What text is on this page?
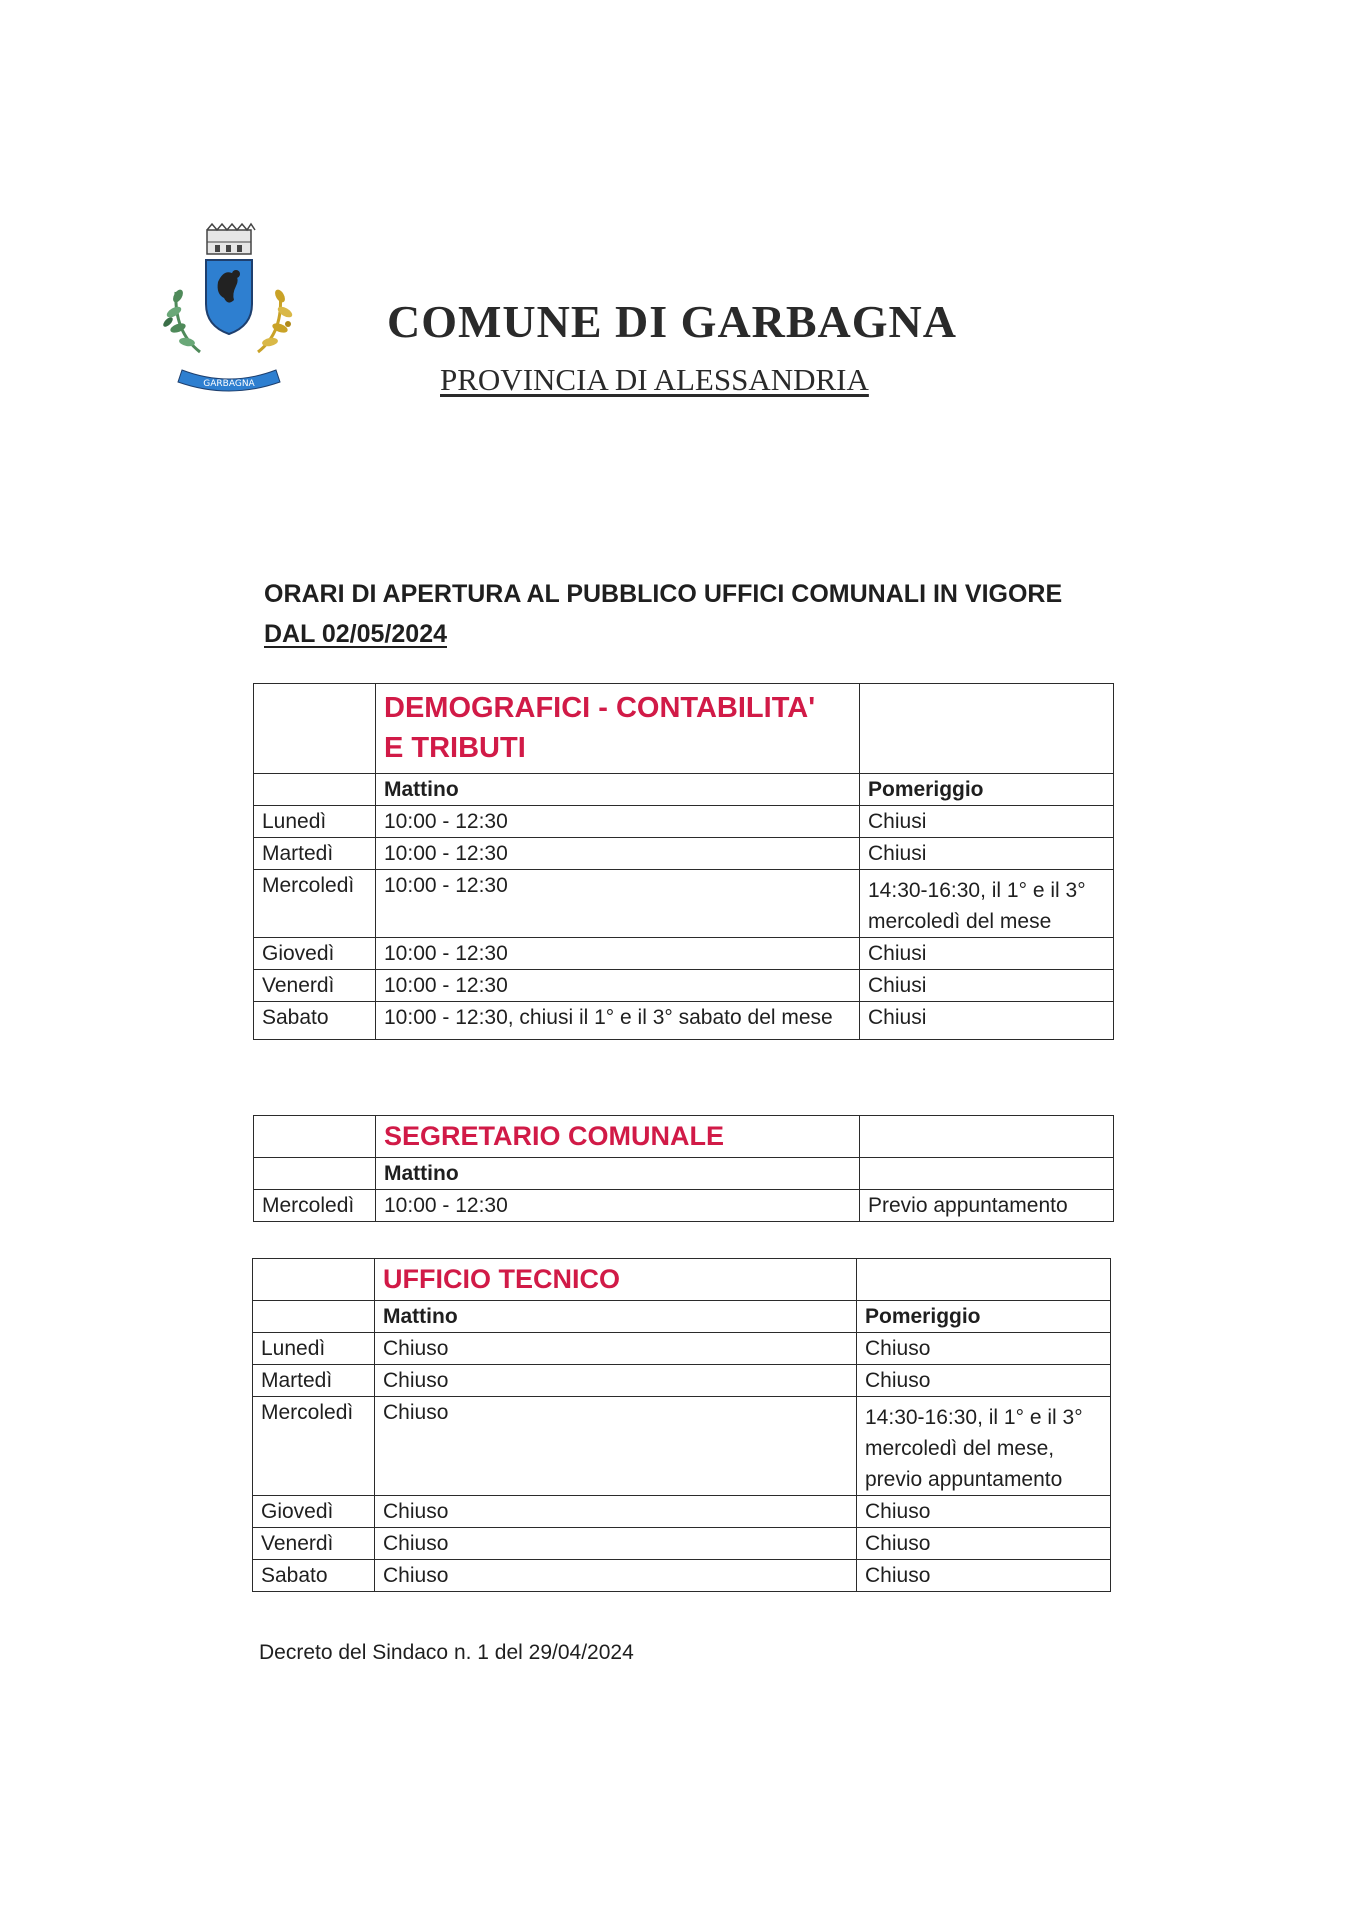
GARBAGNA
COMUNE DI GARBAGNA
PROVINCIA DI ALESSANDRIA
ORARI DI APERTURA AL PUBBLICO UFFICI COMUNALI IN VIGORE
DAL 02/05/2024

	DEMOGRAFICI - CONTABILITA'
E TRIBUTI	

	Mattino	Pomeriggio
Lunedì	10:00 - 12:30	Chiusi
Martedì	10:00 - 12:30	Chiusi
Mercoledì	10:00 - 12:30	14:30-16:30, il 1° e il 3° mercoledì del mese
Giovedì	10:00 - 12:30	Chiusi
Venerdì	10:00 - 12:30	Chiusi
Sabato	10:00 - 12:30, chiusi il 1° e il 3° sabato del mese	Chiusi
	SEGRETARIO COMUNALE	
	Mattino	
Mercoledì	10:00 - 12:30	Previo appuntamento
	UFFICIO TECNICO	
	Mattino	Pomeriggio
Lunedì	Chiuso	Chiuso
Martedì	Chiuso	Chiuso
Mercoledì	Chiuso	14:30-16:30, il 1° e il 3° mercoledì del mese, previo appuntamento
Giovedì	Chiuso	Chiuso
Venerdì	Chiuso	Chiuso
Sabato	Chiuso	Chiuso
Decreto del Sindaco n. 1 del 29/04/2024
